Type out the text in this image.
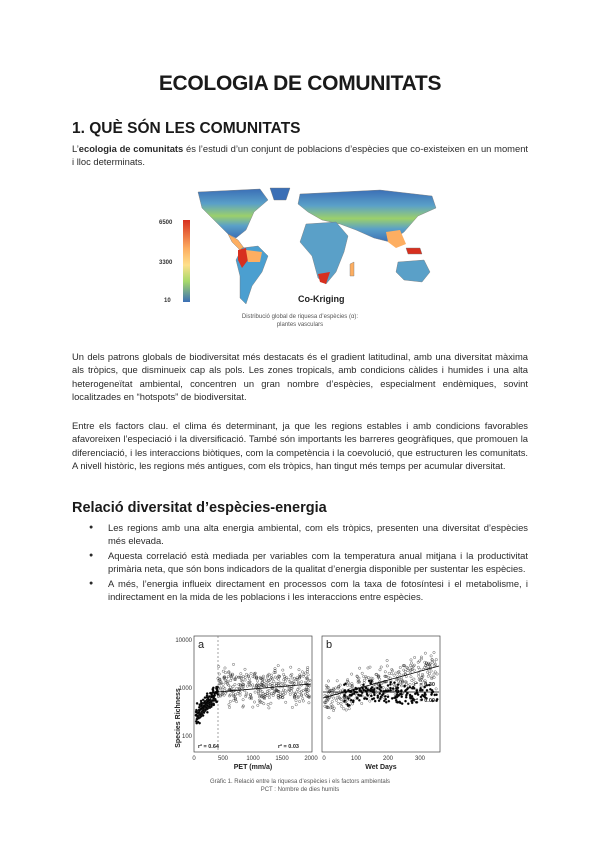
ECOLOGIA DE COMUNITATS
1. QUÈ SÓN LES COMUNITATS

L’ecologia de comunitats és l’estudi d’un conjunt de poblacions d’espècies que co-existeixen en un moment i lloc determinats.

6500
3300
10	Co-Kriging
Distribució global de riquesa d’espècies (α):
plantes vasculars

Un dels patrons globals de biodiversitat més destacats és el gradient latitudinal, amb una diversitat màxima als tròpics, que disminueix cap als pols. Les zones tropicals, amb condicions càlides i humides i una alta heterogeneïtat ambiental, concentren un gran nombre d’espècies, especialment endèmiques, sovint localitzades en “hotspots” de biodiversitat.

Entre els factors clau. el clima és determinant, ja que les regions estables i amb condicions favorables afavoreixen l’especiació i la diversificació. També són importants les barreres geogràfiques, que promouen la diferenciació, i les interaccions biòtiques, com la competència i la coevolució, que estructuren les comunitats. A nivell històric, les regions més antigues, com els tròpics, han tingut més temps per acumular diversitat.

Relació diversitat d’espècies-energia
● Les regions amb una alta energia ambiental, com els tròpics, presenten una diversitat d’espècies més elevada.
● Aquesta correlació està mediada per variables com la temperatura anual mitjana i la productivitat primària neta, que són bons indicadors de la qualitat d’energia disponible per sustentar les espècies.
● A més, l’energia influeix directament en processos com la taxa de fotosíntesi i el metabolisme, i indirectament en la mida de les poblacions i les interaccions entre espècies.
Species Richness
a
10000
1000
100
r² = 0.64	r² = 0.03
0	500	1000	1500	2000
PET (mm/a)
b
r² = 0.30
r² = 0.00
0	100	200	300
Wet Days
Gràfic 1. Relació entre la riquesa d’espècies i els factors ambientals
PCT : Nombre de dies humits
